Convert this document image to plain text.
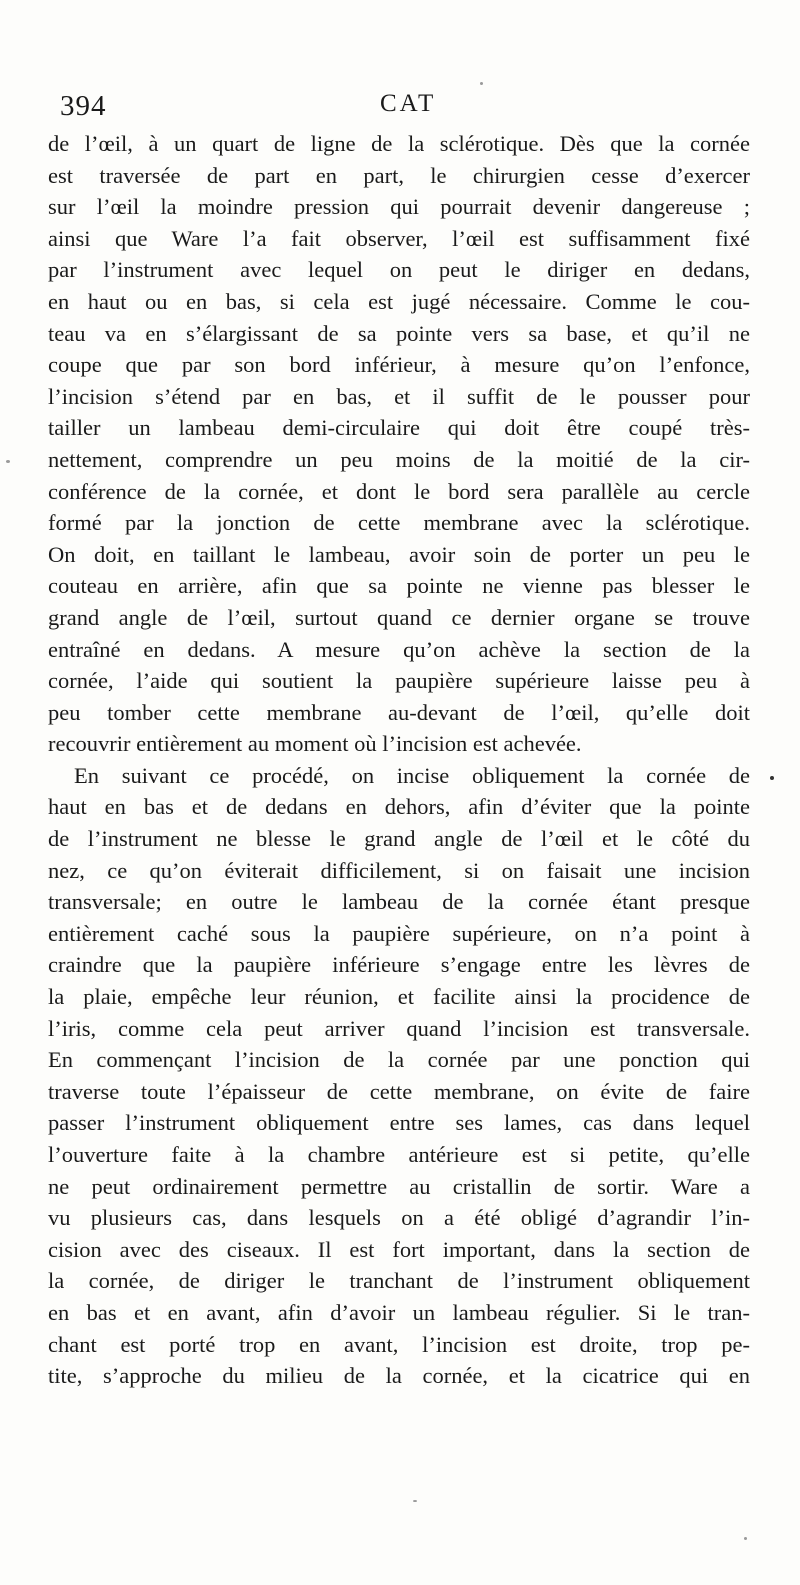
394	CAT
de l’œil, à un quart de ligne de la sclérotique. Dès que la cornée
est traversée de part en part, le chirurgien cesse d’exercer
sur l’œil la moindre pression qui pourrait devenir dangereuse ;
ainsi que Ware l’a fait observer, l’œil est suffisamment fixé
par l’instrument avec lequel on peut le diriger en dedans,
en haut ou en bas, si cela est jugé nécessaire. Comme le cou-
teau va en s’élargissant de sa pointe vers sa base, et qu’il ne
coupe que par son bord inférieur, à mesure qu’on l’enfonce,
l’incision s’étend par en bas, et il suffit de le pousser pour
tailler un lambeau demi-circulaire qui doit être coupé très-
nettement, comprendre un peu moins de la moitié de la cir-
conférence de la cornée, et dont le bord sera parallèle au cercle
formé par la jonction de cette membrane avec la sclérotique.
On doit, en taillant le lambeau, avoir soin de porter un peu le
couteau en arrière, afin que sa pointe ne vienne pas blesser le
grand angle de l’œil, surtout quand ce dernier organe se trouve
entraîné en dedans. A mesure qu’on achève la section de la
cornée, l’aide qui soutient la paupière supérieure laisse peu à
peu tomber cette membrane au-devant de l’œil, qu’elle doit
recouvrir entièrement au moment où l’incision est achevée.
En suivant ce procédé, on incise obliquement la cornée de
haut en bas et de dedans en dehors, afin d’éviter que la pointe
de l’instrument ne blesse le grand angle de l’œil et le côté du
nez, ce qu’on éviterait difficilement, si on faisait une incision
transversale; en outre le lambeau de la cornée étant presque
entièrement caché sous la paupière supérieure, on n’a point à
craindre que la paupière inférieure s’engage entre les lèvres de
la plaie, empêche leur réunion, et facilite ainsi la procidence de
l’iris, comme cela peut arriver quand l’incision est transversale.
En commençant l’incision de la cornée par une ponction qui
traverse toute l’épaisseur de cette membrane, on évite de faire
passer l’instrument obliquement entre ses lames, cas dans lequel
l’ouverture faite à la chambre antérieure est si petite, qu’elle
ne peut ordinairement permettre au cristallin de sortir. Ware a
vu plusieurs cas, dans lesquels on a été obligé d’agrandir l’in-
cision avec des ciseaux. Il est fort important, dans la section de
la cornée, de diriger le tranchant de l’instrument obliquement
en bas et en avant, afin d’avoir un lambeau régulier. Si le tran-
chant est porté trop en avant, l’incision est droite, trop pe-
tite, s’approche du milieu de la cornée, et la cicatrice qui en
